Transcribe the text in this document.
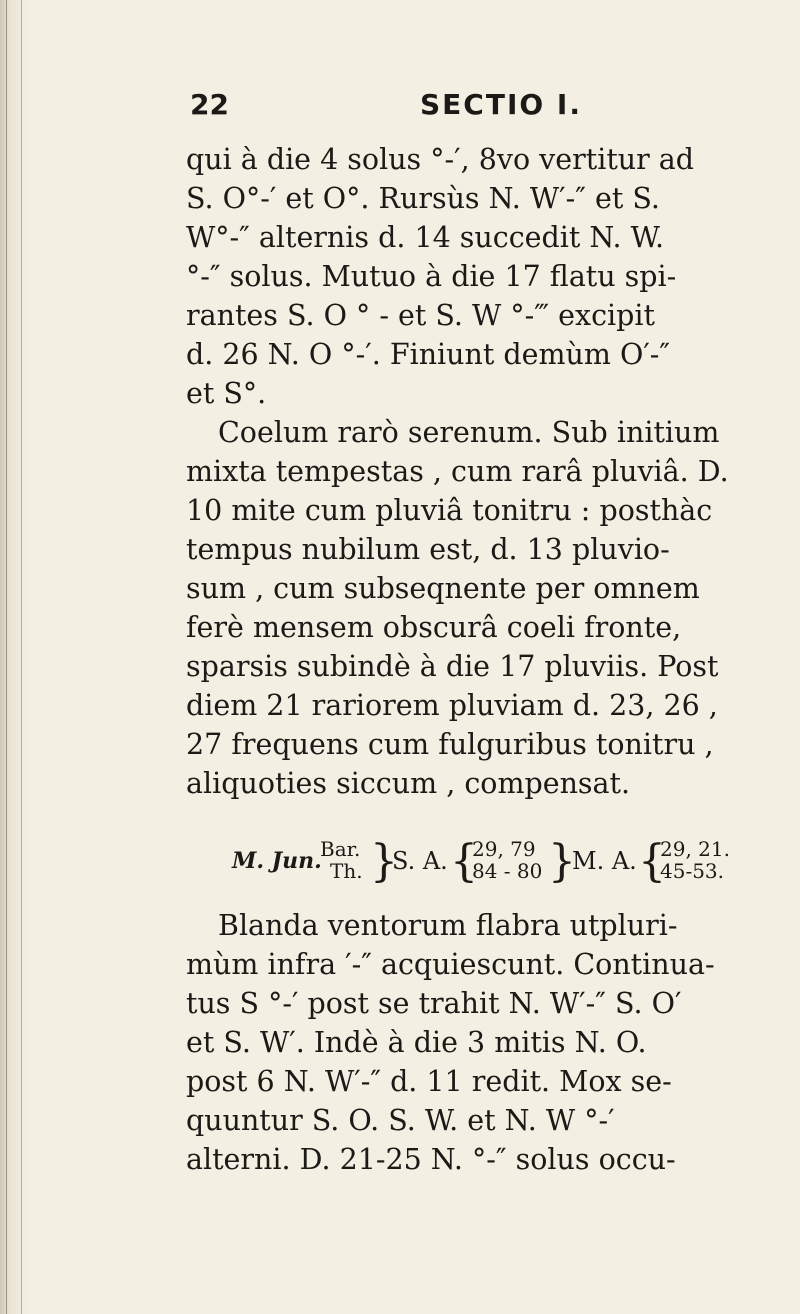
22	SECTIO I.
qui à die 4 solus °-′, 8vo vertitur ad
S. O°-′ et O°. Rursùs N. W′-″ et S.
W°-″ alternis d. 14 succedit N. W.
°-″ solus. Mutuo à die 17 flatu spi-
rantes S. O ° - et S. W °-‴ excipit
d. 26 N. O °-′. Finiunt demùm O′-″
et S°.
Coelum rarò serenum. Sub initium
mixta tempestas , cum rarâ pluviâ. D.
10 mite cum pluviâ tonitru : posthàc
tempus nubilum est, d. 13 pluvio-
sum , cum subseqnente per omnem
ferè mensem obscurâ coeli fronte,
sparsis subindè à die 17 pluviis. Post
diem 21 rariorem pluviam d. 23, 26 ,
27 frequens cum fulguribus tonitru ,
aliquoties siccum , compensat.
M. Jun.
Bar.
Th. }
S. A. {
29, 79
84 - 80 }
M. A. {
29, 21.
45-53.
Blanda ventorum flabra utpluri-
mùm infra ′-″ acquiescunt. Continua-
tus S °-′ post se trahit N. W′-″ S. O′
et S. W′. Indè à die 3 mitis N. O.
post 6 N. W′-″ d. 11 redit. Mox se-
quuntur S. O. S. W. et N. W °-′
alterni. D. 21-25 N. °-″ solus occu-
